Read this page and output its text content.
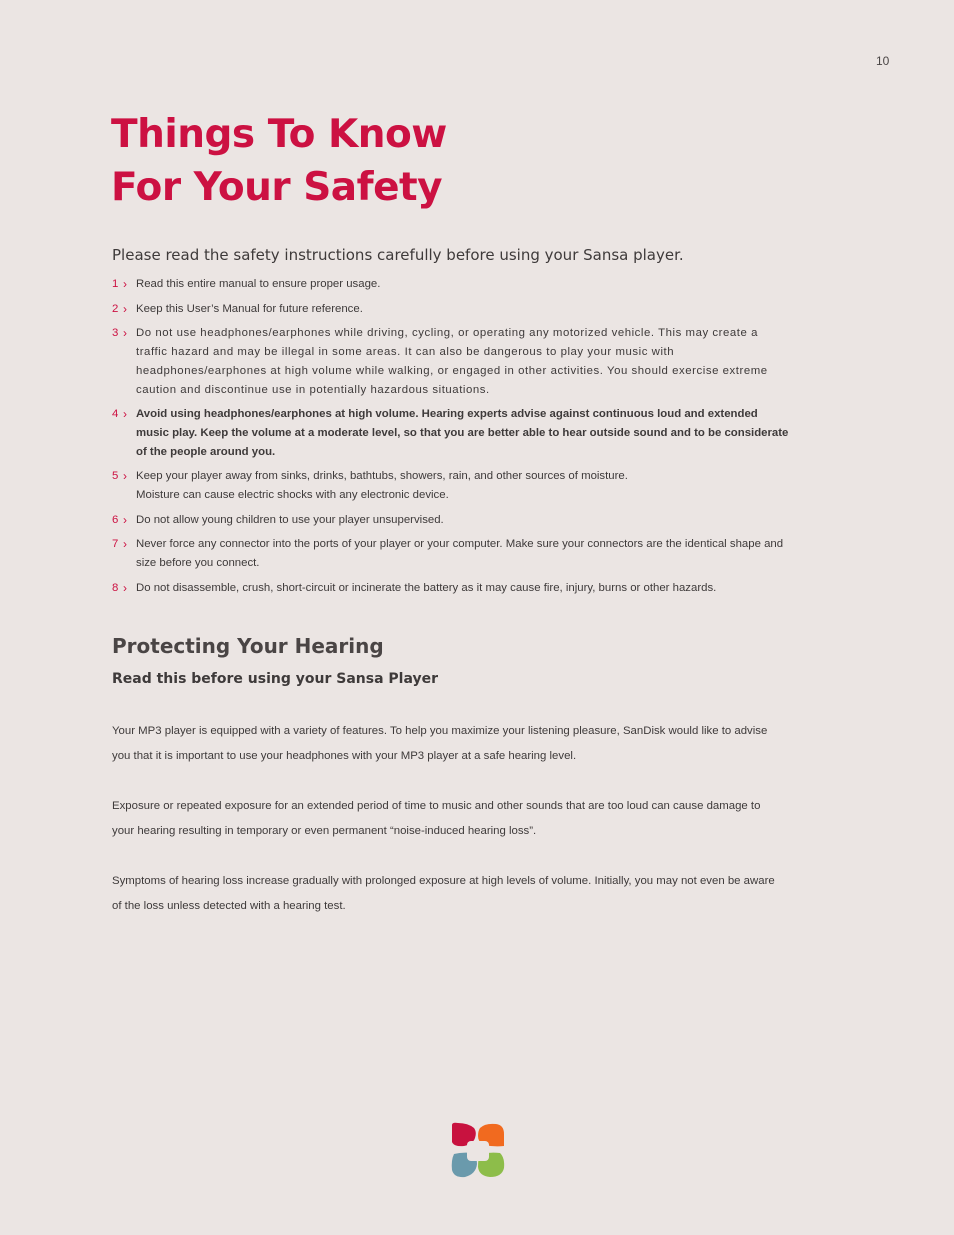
10
Things To Know
For Your Safety

Please read the safety instructions carefully before using your Sansa player.

1 › Read this entire manual to ensure proper usage.
2 › Keep this User’s Manual for future reference.
3 › Do not use headphones/earphones while driving, cycling, or operating any motorized vehicle. This may create a traffic hazard and may be illegal in some areas. It can also be dangerous to play your music with headphones/earphones at high volume while walking, or engaged in other activities. You should exercise extreme caution and discontinue use in potentially hazardous situations.
4 › Avoid using headphones/earphones at high volume. Hearing experts advise against continuous loud and extended music play. Keep the volume at a moderate level, so that you are better able to hear outside sound and to be considerate of the people around you.
5 › Keep your player away from sinks, drinks, bathtubs, showers, rain, and other sources of moisture.
Moisture can cause electric shocks with any electronic device.
6 › Do not allow young children to use your player unsupervised.
7 › Never force any connector into the ports of your player or your computer. Make sure your connectors are the identical shape and size before you connect.
8 › Do not disassemble, crush, short-circuit or incinerate the battery as it may cause fire, injury, burns or other hazards.
Protecting Your Hearing
Read this before using your Sansa Player

Your MP3 player is equipped with a variety of features. To help you maximize your listening pleasure, SanDisk would like to advise you that it is important to use your headphones with your MP3 player at a safe hearing level.

Exposure or repeated exposure for an extended period of time to music and other sounds that are too loud can cause damage to your hearing resulting in temporary or even permanent “noise-induced hearing loss”.

Symptoms of hearing loss increase gradually with prolonged exposure at high levels of volume. Initially, you may not even be aware of the loss unless detected with a hearing test.
